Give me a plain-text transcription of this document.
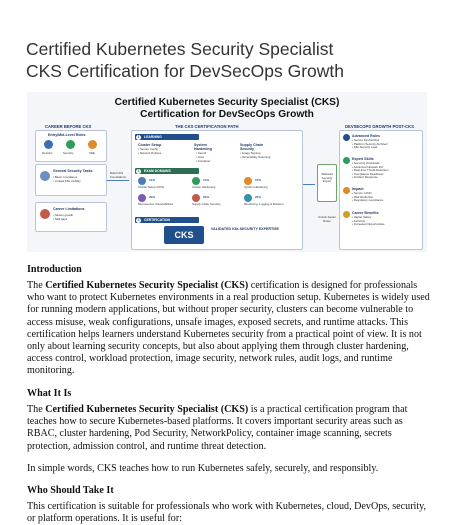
Certified Kubernetes Security Specialist
CKS Certification for DevSecOps Growth
Certified Kubernetes Security Specialist (CKS)
Certification for DevSecOps Growth
CAREER BEFORE CKS
Entry/Mid-Level Roles
DevOps	Security	SRE
General Security Tasks
• Basic compliance
• Limited K8s visibility
Career Limitations
• Slower growth
• Skill gaps
Build CKS Foundations
THE CKS CERTIFICATION PATH
1	LEARNING
Cluster Setup
• Secure Config
• Network Policies
System Hardening
• Kernel
• Host
• Container
Supply Chain Security
• Image Signing
• Vulnerability Scanning
2	EXAM DOMAINS
10%
Cluster Setup (CKS)
15%
Cluster Hardening
15%
System Hardening
20%
Microservice Vulnerabilities
20%
Supply Chain Security
20%
Monitoring, Logging & Runtime
3	CERTIFICATION
CKS
VALIDATED K8s SECURITY EXPERTISE
Validated Security Expert
Unlock Senior Roles
DEVSECOPS GROWTH POST-CKS
Advanced Roles
• Secure DevSecOps
• Platform Security Architect
• K8s Security Lead
Expert Skills
• Securing Workloads
• Advanced Network Pol
• Real-time Threat Detection
• Compliance Readiness
• Incident Response
Impact
• Secure CI/CD
• Risk Reduction
• Regulatory compliance
Career Benefits
• Higher Salary
• Authority
• Increased Opportunities

Introduction

The Certified Kubernetes Security Specialist (CKS) certification is designed for professionals who want to protect Kubernetes environments in a real production setup. Kubernetes is widely used for running modern applications, but without proper security, clusters can become vulnerable to access misuse, weak configurations, unsafe images, exposed secrets, and runtime attacks. This certification helps learners understand Kubernetes security from a practical point of view. It is not only about learning security concepts, but also about applying them through cluster hardening, access control, workload protection, image security, network rules, audit logs, and runtime monitoring.

What It Is

The Certified Kubernetes Security Specialist (CKS) is a practical certification program that teaches how to secure Kubernetes-based platforms. It covers important security areas such as RBAC, cluster hardening, Pod Security, NetworkPolicy, container image scanning, secrets protection, admission control, and runtime threat detection.

In simple words, CKS teaches how to run Kubernetes safely, securely, and responsibly.

Who Should Take It

This certification is suitable for professionals who work with Kubernetes, cloud, DevOps, security, or platform operations. It is useful for:
